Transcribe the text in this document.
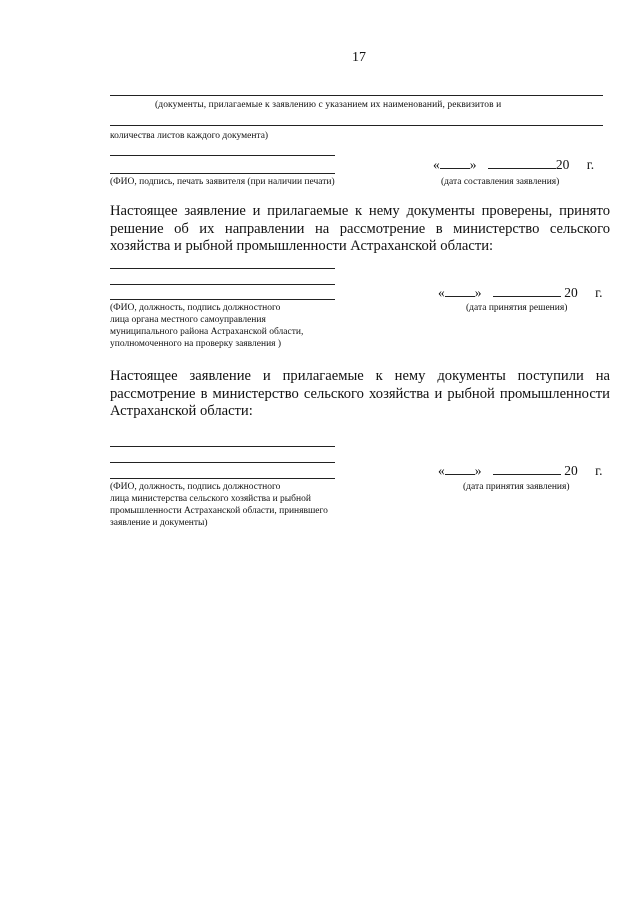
17
(документы, прилагаемые к заявлению с указанием их наименований, реквизитов и
количества листов каждого документа)
(ФИО, подпись, печать заявителя (при наличии печати)
« »	20 г.
(дата составления заявления)
Настоящее заявление и прилагаемые к нему документы проверены, принято решение об их направлении на рассмотрение в министерство сельского хозяйства и рыбной промышленности Астраханской области:
(ФИО, должность, подпись должностного
лица органа местного самоуправления
муниципального района Астраханской области,
уполномоченного на проверку заявления )
« »	20 г.
(дата принятия решения)
Настоящее заявление и прилагаемые к нему документы поступили на рассмотрение в министерство сельского хозяйства и рыбной промышленности Астраханской области:
(ФИО, должность, подпись должностного
лица министерства сельского хозяйства и рыбной
промышленности Астраханской области, принявшего
заявление и документы)
« »	20 г.
(дата принятия заявления)
